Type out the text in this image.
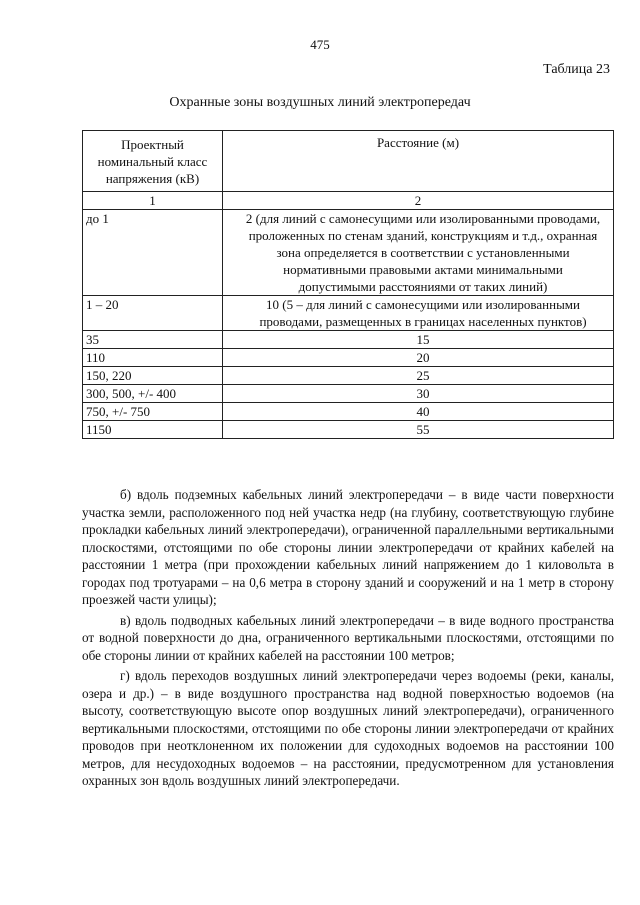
475
Таблица 23
Охранные зоны воздушных линий электропередач
Проектный номинальный класс напряжения (кВ)	Расстояние (м)
1	2
до 1	2 (для линий с самонесущими или изолированными проводами, проложенных по стенам зданий, конструкциям и т.д., охранная зона определяется в соответствии с установленными нормативными правовыми актами минимальными допустимыми расстояниями от таких линий)
1 – 20	10 (5 – для линий с самонесущими или изолированными проводами, размещенных в границах населенных пунктов)
35	15
110	20
150, 220	25
300, 500, +/- 400	30
750, +/- 750	40
1150	55

б) вдоль подземных кабельных линий электропередачи – в виде части поверхности участка земли, расположенного под ней участка недр (на глубину, соответствующую глубине прокладки кабельных линий электропередачи), ограниченной параллельными вертикальными плоскостями, отстоящими по обе стороны линии электропередачи от крайних кабелей на расстоянии 1 метра (при прохождении кабельных линий напряжением до 1 киловольта в городах под тротуарами – на 0,6 метра в сторону зданий и сооружений и на 1 метр в сторону проезжей части улицы);

в) вдоль подводных кабельных линий электропередачи – в виде водного пространства от водной поверхности до дна, ограниченного вертикальными плоскостями, отстоящими по обе стороны линии от крайних кабелей на расстоянии 100 метров;

г) вдоль переходов воздушных линий электропередачи через водоемы (реки, каналы, озера и др.) – в виде воздушного пространства над водной поверхностью водоемов (на высоту, соответствующую высоте опор воздушных линий электропередачи), ограниченного вертикальными плоскостями, отстоящими по обе стороны линии электропередачи от крайних проводов при неотклоненном их положении для судоходных водоемов на расстоянии 100 метров, для несудоходных водоемов – на расстоянии, предусмотренном для установления охранных зон вдоль воздушных линий электропередачи.
